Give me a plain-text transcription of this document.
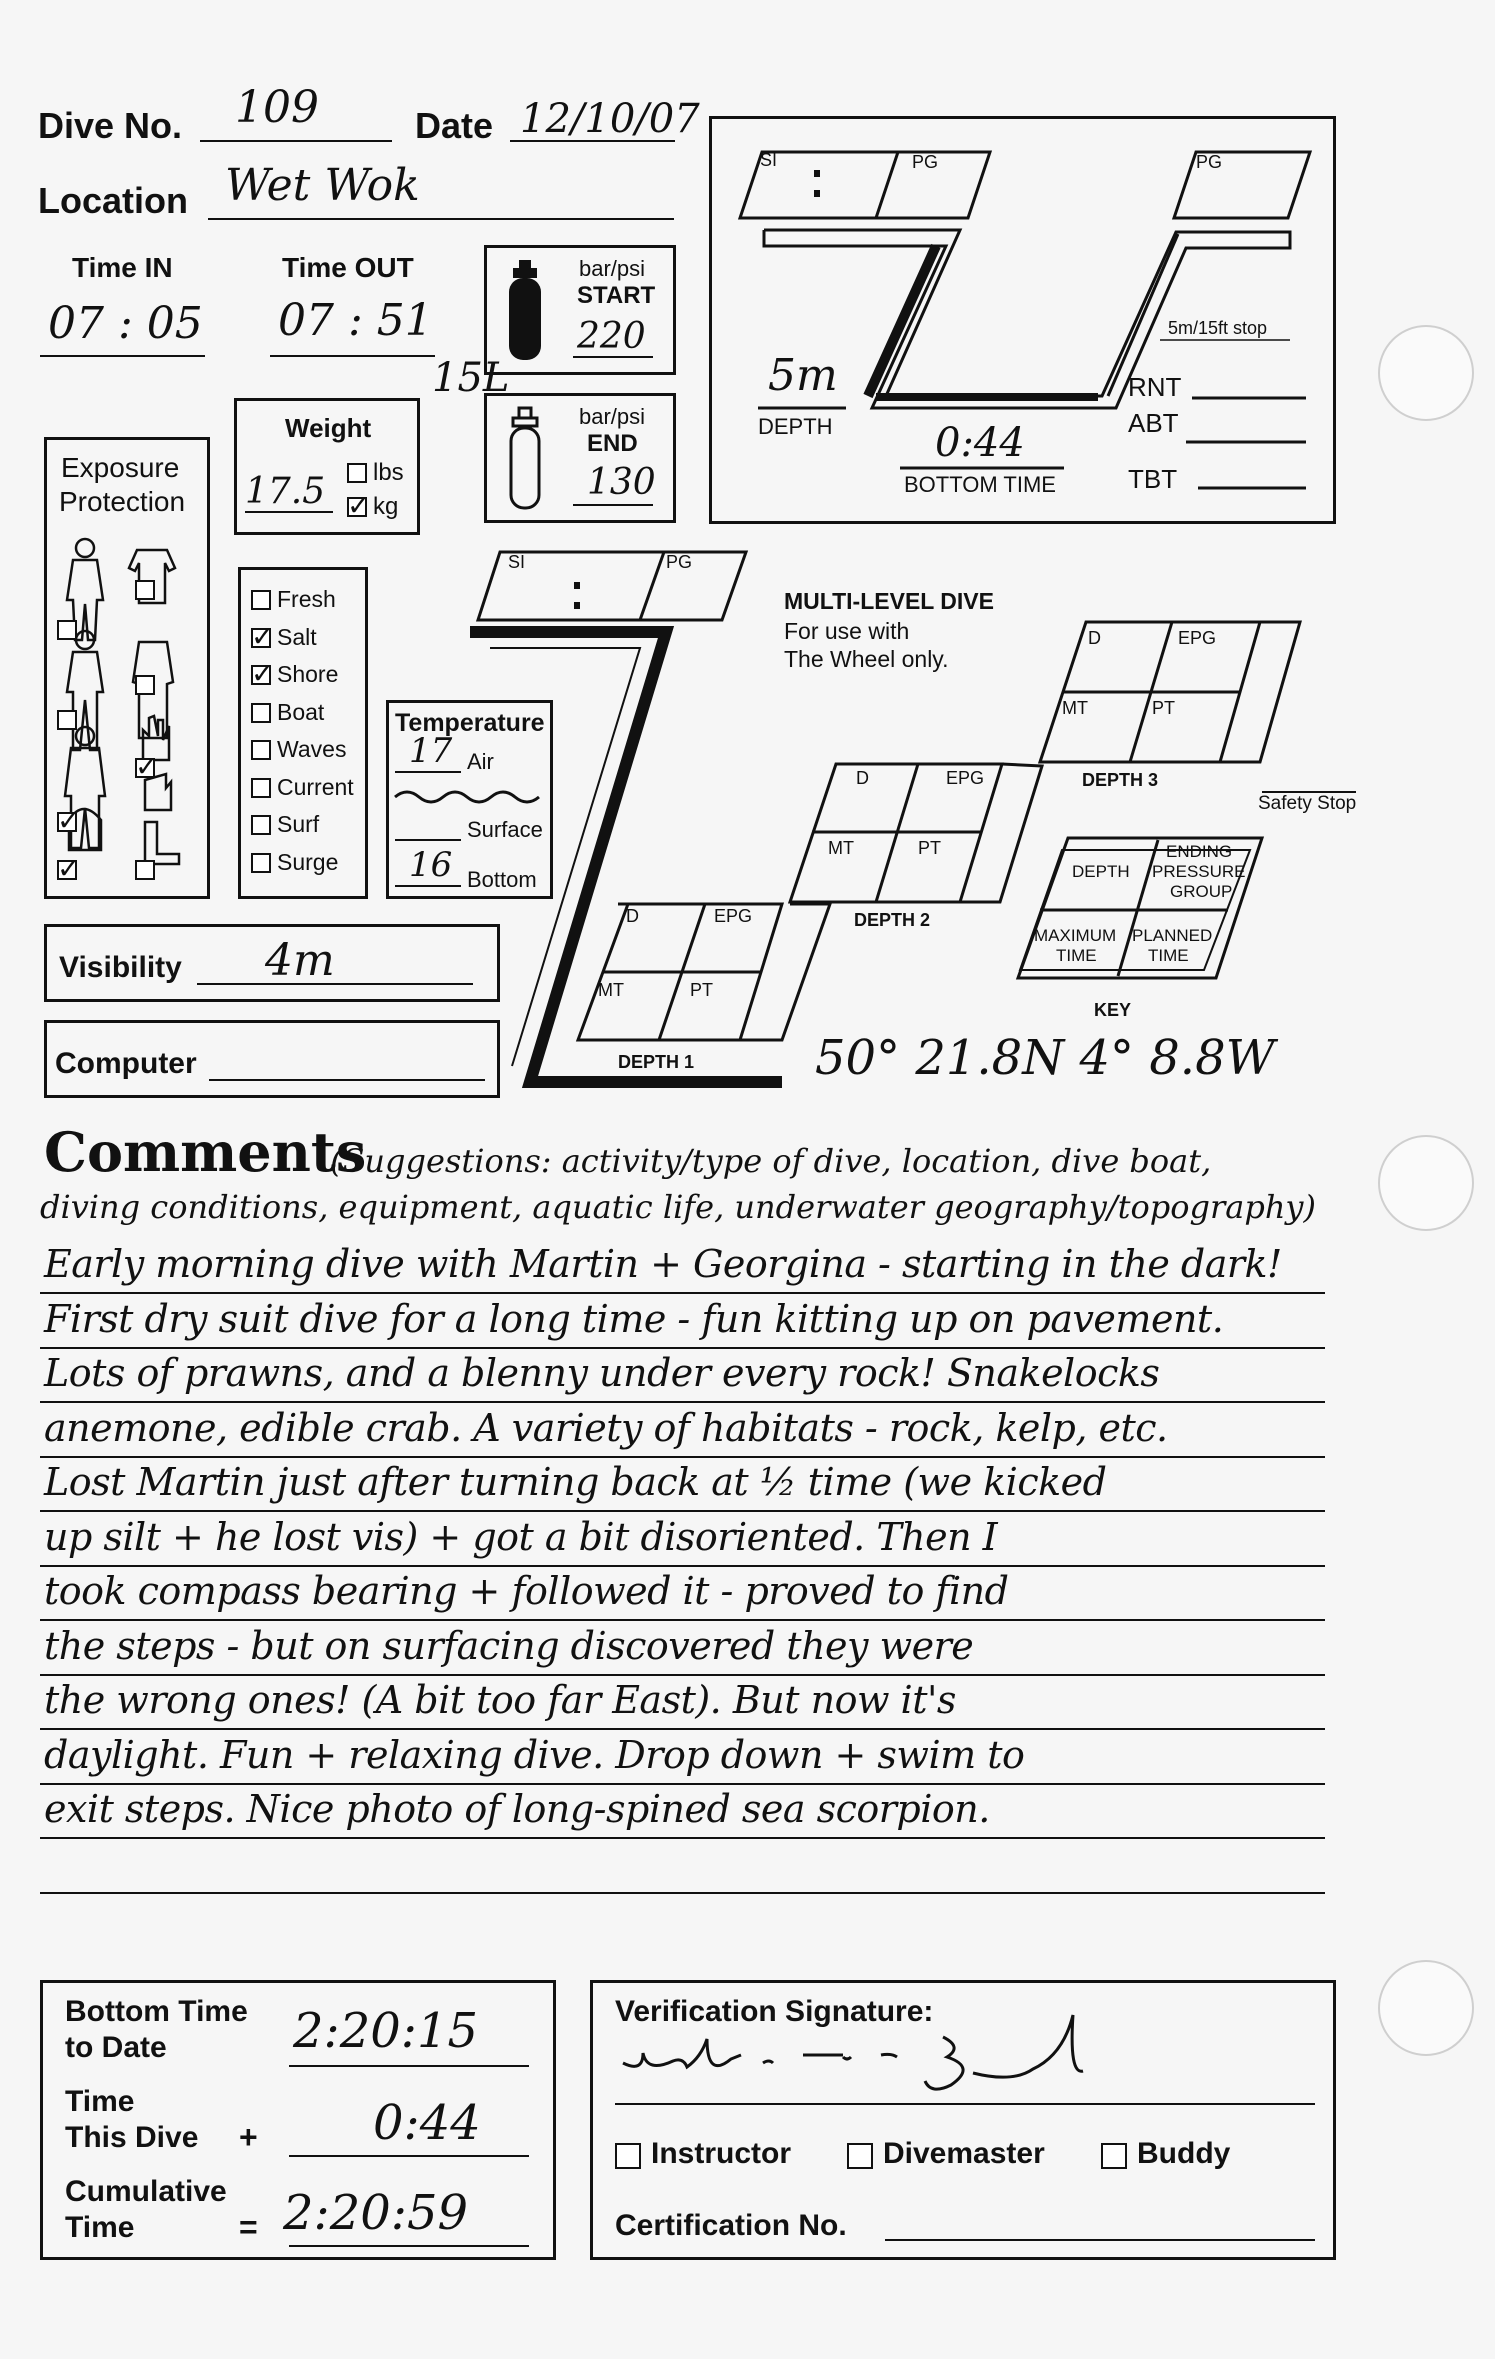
Dive No. 109	Date 12/10/07
Location Wet Wok
Time IN
07 : 05
Time OUT
07 : 51
bar/psi
START
220
15L
bar/psi
END
130
Weight
17.5 lbs
✓
kg
Exposure
Protection
✓
✓
✓
Fresh
✓
Salt
✓
Shore
Boat
Waves
Current
Surf
Surge
Temperature
17 Air
Surface
16 Bottom
Visibility 4m
Computer
SI	PG	PG
5m/15ft stop
5m
DEPTH	0:44
BOTTOM TIME
RNT
ABT
TBT
SI	PG
MULTI-LEVEL DIVE
For use with
The Wheel only.
D	EPG
MT	PT
DEPTH 3
Safety Stop
D	EPG
MT	PT
DEPTH 2
D	EPG
MT	PT
DEPTH 1
DEPTH
ENDING
PRESSURE
GROUP
MAXIMUM
TIME
PLANNED
TIME
KEY
50° 21.8N 4° 8.8W
Comments
(Suggestions: activity/type of dive, location, dive boat,
diving conditions, equipment, aquatic life, underwater geography/topography)
Early morning dive with Martin + Georgina - starting in the dark!
First dry suit dive for a long time - fun kitting up on pavement.
Lots of prawns, and a blenny under every rock! Snakelocks
anemone, edible crab. A variety of habitats - rock, kelp, etc.
Lost Martin just after turning back at ½ time (we kicked
up silt + he lost vis) + got a bit disoriented. Then I
took compass bearing + followed it - proved to find
the steps - but on surfacing discovered they were
the wrong ones! (A bit too far East). But now it's
daylight. Fun + relaxing dive. Drop down + swim to
exit steps. Nice photo of long-spined sea scorpion.
Bottom Time
to Date	2:20:15
Time
This Dive + 0:44
Cumulative
Time	= 2:20:59
Verification Signature:
Instructor	Divemaster	Buddy
Certification No.
